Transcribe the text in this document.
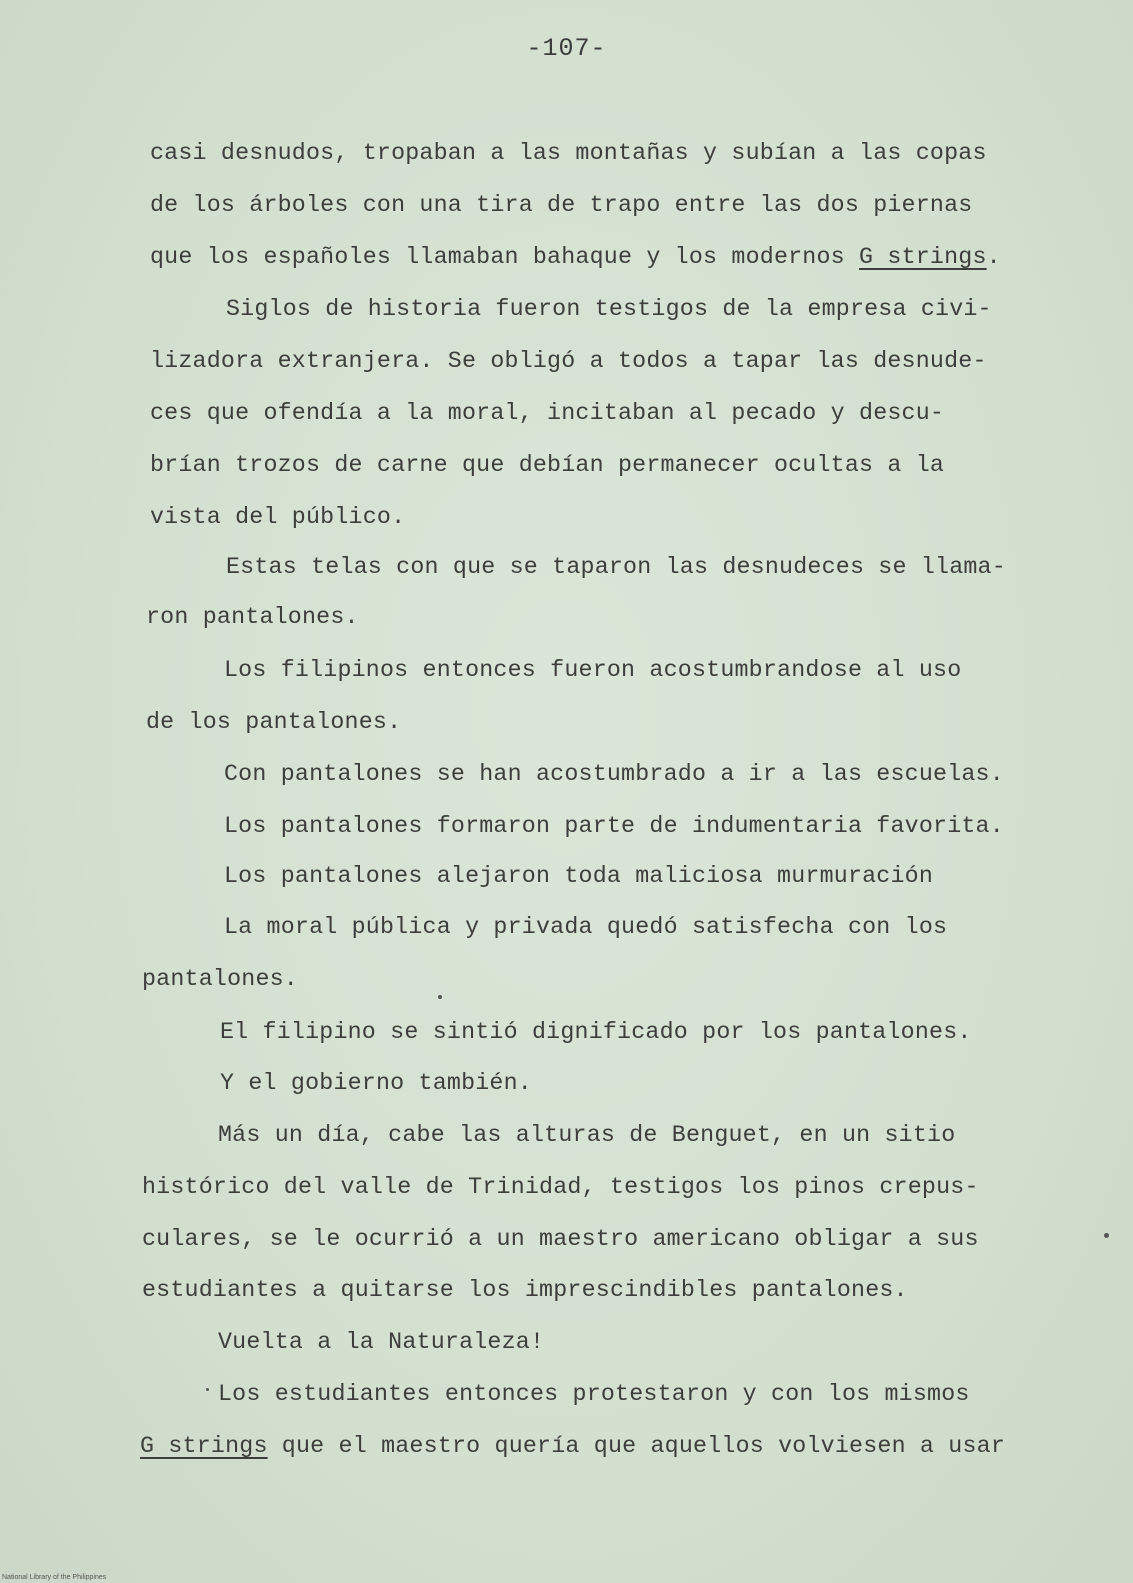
-107-
casi desnudos, tropaban a las montañas y subían a las copas
de los árboles con una tira de trapo entre las dos piernas
que los españoles llamaban bahaque y los modernos G strings.
Siglos de historia fueron testigos de la empresa civi-
lizadora extranjera. Se obligó a todos a tapar las desnude-
ces que ofendía a la moral, incitaban al pecado y descu-
brían trozos de carne que debían permanecer ocultas a la
vista del público.
Estas telas con que se taparon las desnudeces se llama-
ron pantalones.
Los filipinos entonces fueron acostumbrandose al uso
de los pantalones.
Con pantalones se han acostumbrado a ir a las escuelas.
Los pantalones formaron parte de indumentaria favorita.
Los pantalones alejaron toda maliciosa murmuración
La moral pública y privada quedó satisfecha con los
pantalones.
El filipino se sintió dignificado por los pantalones.
Y el gobierno también.
Más un día, cabe las alturas de Benguet, en un sitio
histórico del valle de Trinidad, testigos los pinos crepus-
culares, se le ocurrió a un maestro americano obligar a sus
estudiantes a quitarse los imprescindibles pantalones.
Vuelta a la Naturaleza!
Los estudiantes entonces protestaron y con los mismos
G strings que el maestro quería que aquellos volviesen a usar
National Library of the Philippines
